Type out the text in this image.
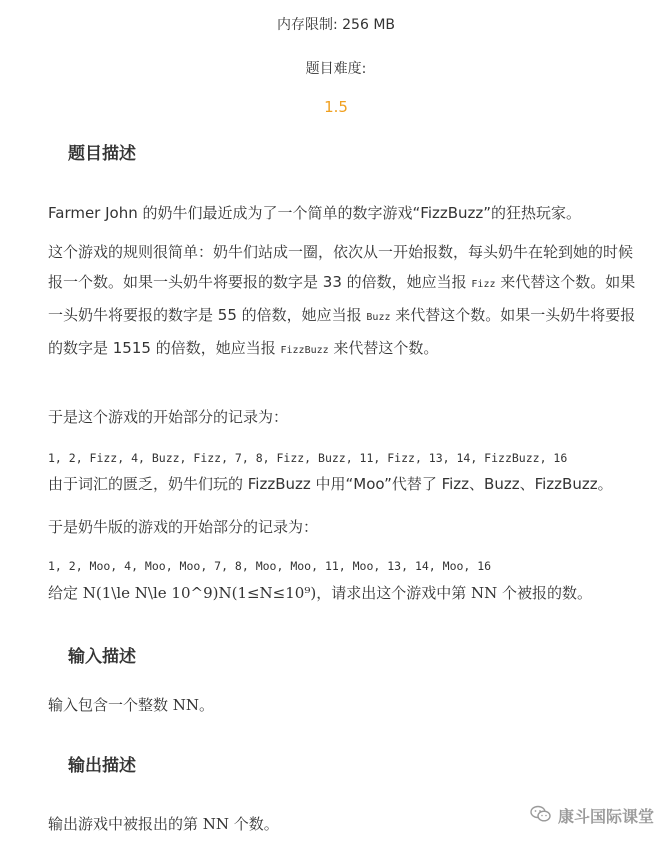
内存限制: 256 MB
题目难度:
1.5
题目描述
Farmer John 的奶牛们最近成为了一个简单的数字游戏“FizzBuzz”的狂热玩家。
这个游戏的规则很简单：奶牛们站成一圈，依次从一开始报数，每头奶牛在轮到她的时候报一个数。如果一头奶牛将要报的数字是 33 的倍数，她应当报 Fizz 来代替这个数。如果一头奶牛将要报的数字是 55 的倍数，她应当报 Buzz 来代替这个数。如果一头奶牛将要报的数字是 1515 的倍数，她应当报 FizzBuzz 来代替这个数。
于是这个游戏的开始部分的记录为：
1, 2, Fizz, 4, Buzz, Fizz, 7, 8, Fizz, Buzz, 11, Fizz, 13, 14, FizzBuzz, 16
由于词汇的匮乏，奶牛们玩的 FizzBuzz 中用“Moo”代替了 Fizz、Buzz、FizzBuzz。
于是奶牛版的游戏的开始部分的记录为：
1, 2, Moo, 4, Moo, Moo, 7, 8, Moo, Moo, 11, Moo, 13, 14, Moo, 16
给定 N(1\le N\le 10^9)N(1≤N≤10⁹)，请求出这个游戏中第 NN 个被报的数。
输入描述
输入包含一个整数 NN。
输出描述
输出游戏中被报出的第 NN 个数。	康斗国际课堂
